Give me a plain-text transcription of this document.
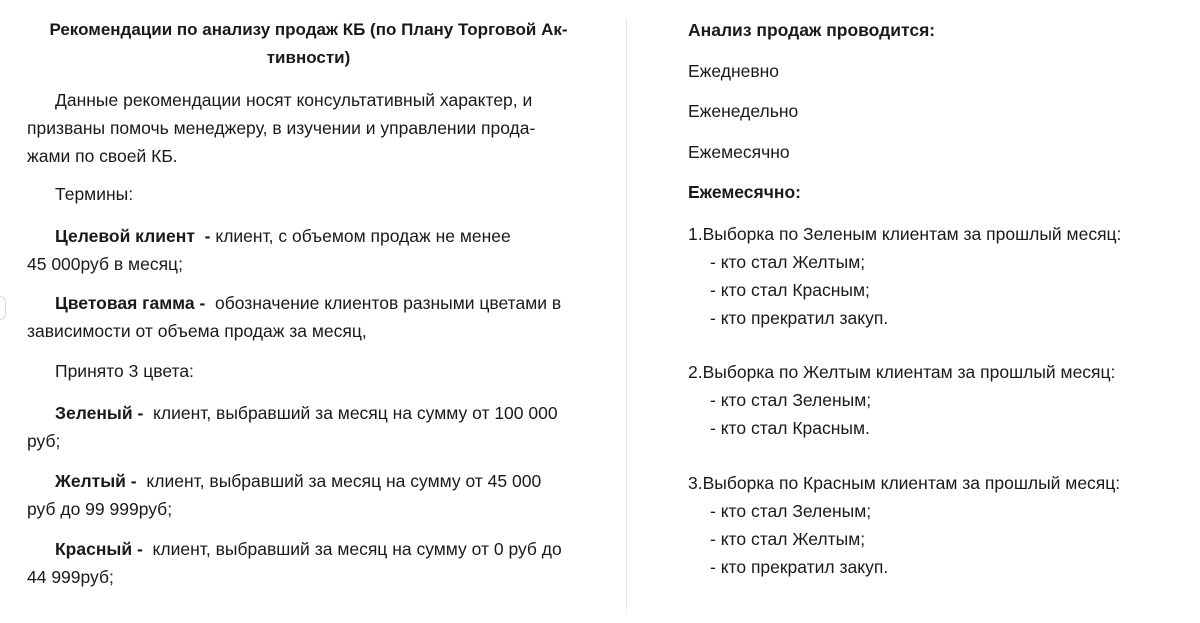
Рекомендации по анализу продаж КБ (по Плану Торговой Ак-
тивности)
Данные рекомендации носят консультативный характер, и
призваны помочь менеджеру, в изучении и управлении прода-
жами по своей КБ.
Термины:
Целевой клиент - клиент, с объемом продаж не менее
45 000руб в месяц;
Цветовая гамма - обозначение клиентов разными цветами в
зависимости от объема продаж за месяц,
Принято 3 цвета:
Зеленый - клиент, выбравший за месяц на сумму от 100 000
руб;
Желтый - клиент, выбравший за месяц на сумму от 45 000
руб до 99 999руб;
Красный - клиент, выбравший за месяц на сумму от 0 руб до
44 999руб;
Анализ продаж проводится:
Ежедневно
Еженедельно
Ежемесячно
Ежемесячно:
1.Выборка по Зеленым клиентам за прошлый месяц:
- кто стал Желтым;
- кто стал Красным;
- кто прекратил закуп.
2.Выборка по Желтым клиентам за прошлый месяц:
- кто стал Зеленым;
- кто стал Красным.
3.Выборка по Красным клиентам за прошлый месяц:
- кто стал Зеленым;
- кто стал Желтым;
- кто прекратил закуп.
